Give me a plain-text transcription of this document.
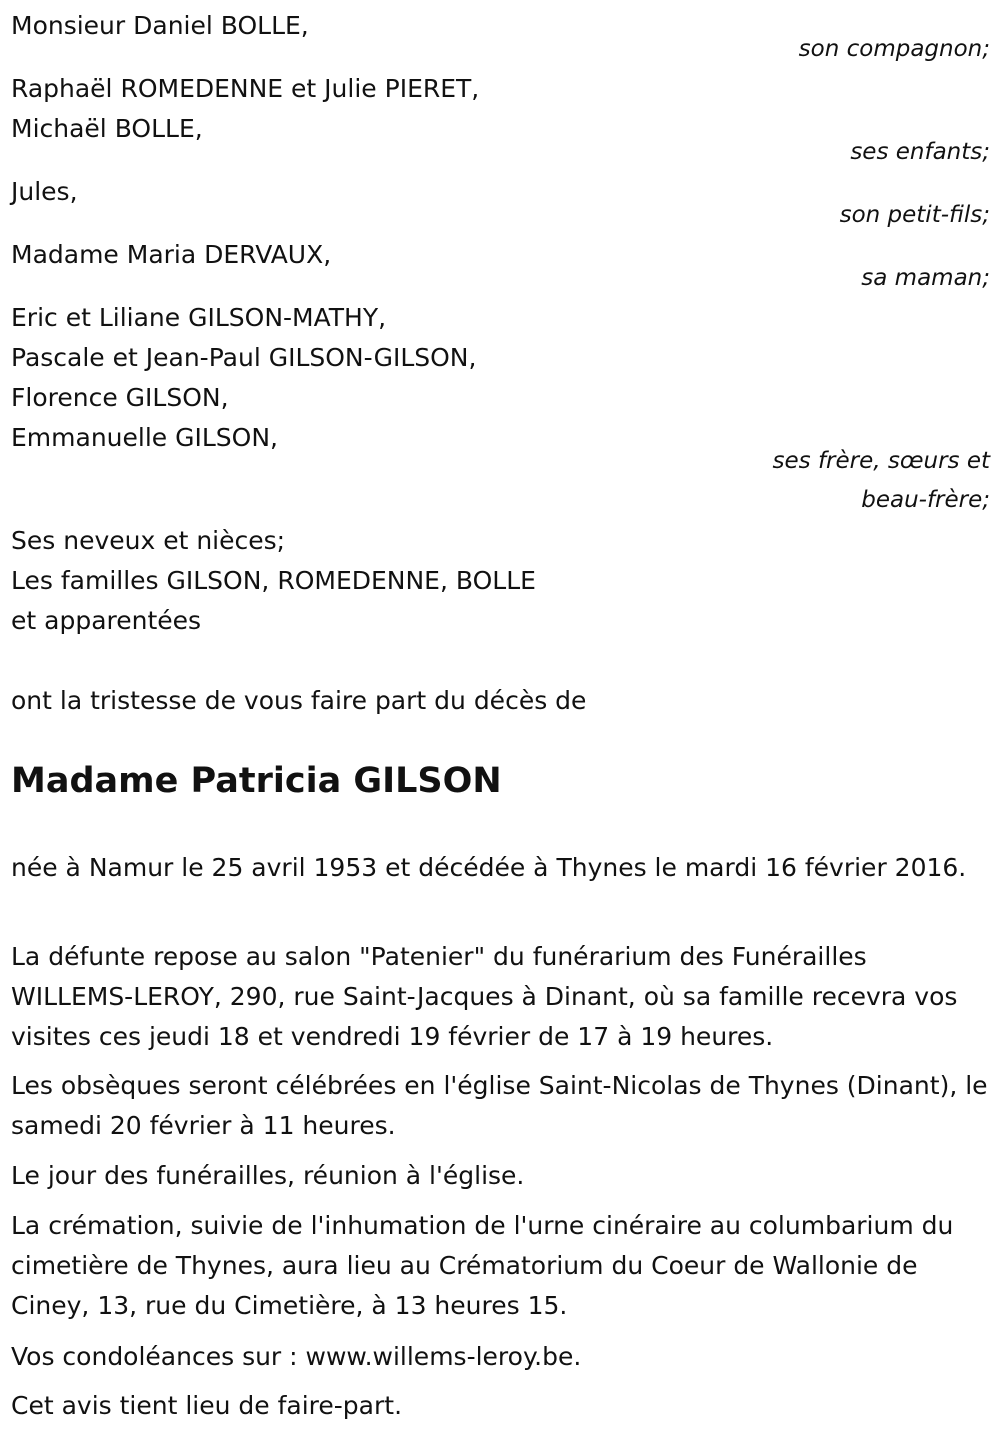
Monsieur Daniel BOLLE,
son compagnon;
Raphaël ROMEDENNE et Julie PIERET,
Michaël BOLLE,
ses enfants;
Jules,
son petit-fils;
Madame Maria DERVAUX,
sa maman;
Eric et Liliane GILSON-MATHY,
Pascale et Jean-Paul GILSON-GILSON,
Florence GILSON,
Emmanuelle GILSON,
ses frère, sœurs et
beau-frère;
Ses neveux et nièces;
Les familles GILSON, ROMEDENNE, BOLLE
et apparentées
ont la tristesse de vous faire part du décès de
Madame Patricia GILSON
née à Namur le 25 avril 1953 et décédée à Thynes le mardi 16 février 2016.
La défunte repose au salon "Patenier" du funérarium des Funérailles WILLEMS-LEROY, 290, rue Saint-Jacques à Dinant, où sa famille recevra vos visites ces jeudi 18 et vendredi 19 février de 17 à 19 heures.
Les obsèques seront célébrées en l'église Saint-Nicolas de Thynes (Dinant), le samedi 20 février à 11 heures.
Le jour des funérailles, réunion à l'église.
La crémation, suivie de l'inhumation de l'urne cinéraire au columbarium du cimetière de Thynes, aura lieu au Crématorium du Coeur de Wallonie de Ciney, 13, rue du Cimetière, à 13 heures 15.
Vos condoléances sur : www.willems-leroy.be.
Cet avis tient lieu de faire-part.
